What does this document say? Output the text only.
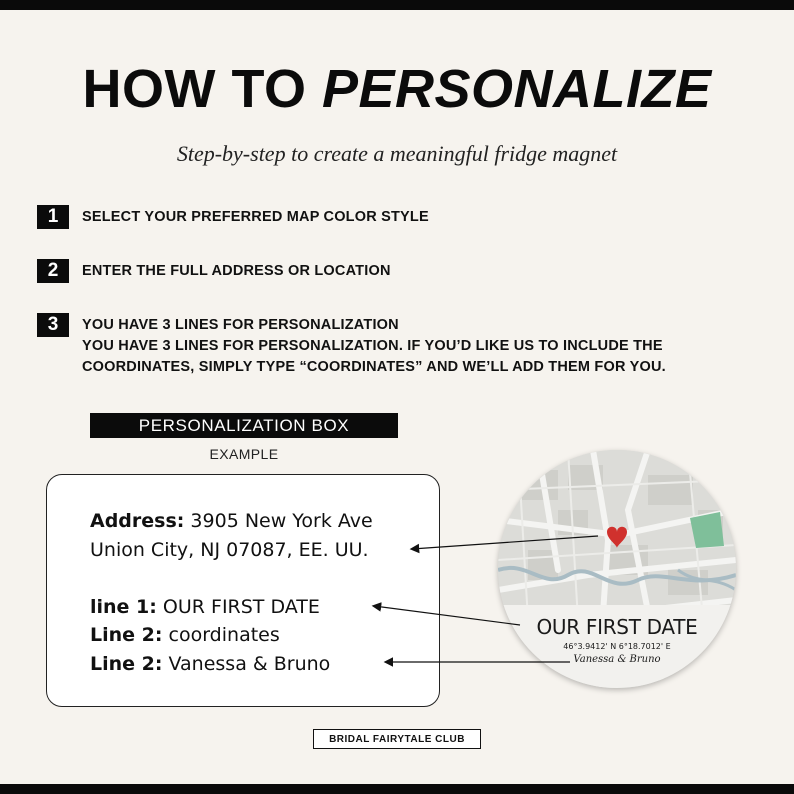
HOW TO PERSONALIZE
Step-by-step to create a meaningful fridge magnet
1	SELECT YOUR PREFERRED MAP COLOR STYLE
2	ENTER THE FULL ADDRESS OR LOCATION
3	YOU HAVE 3 LINES FOR PERSONALIZATION
YOU HAVE 3 LINES FOR PERSONALIZATION. IF YOU’D LIKE US TO INCLUDE THE
COORDINATES, SIMPLY TYPE “COORDINATES” AND WE’LL ADD THEM FOR YOU.
PERSONALIZATION BOX
EXAMPLE
Address: 3905 New York Ave
Union City, NJ 07087, EE. UU.
line 1: OUR FIRST DATE
Line 2: coordinates
Line 2: Vanessa & Bruno
OUR FIRST DATE
46°3.9412' N 6°18.7012' E
Vanessa & Bruno
BRIDAL FAIRYTALE CLUB
